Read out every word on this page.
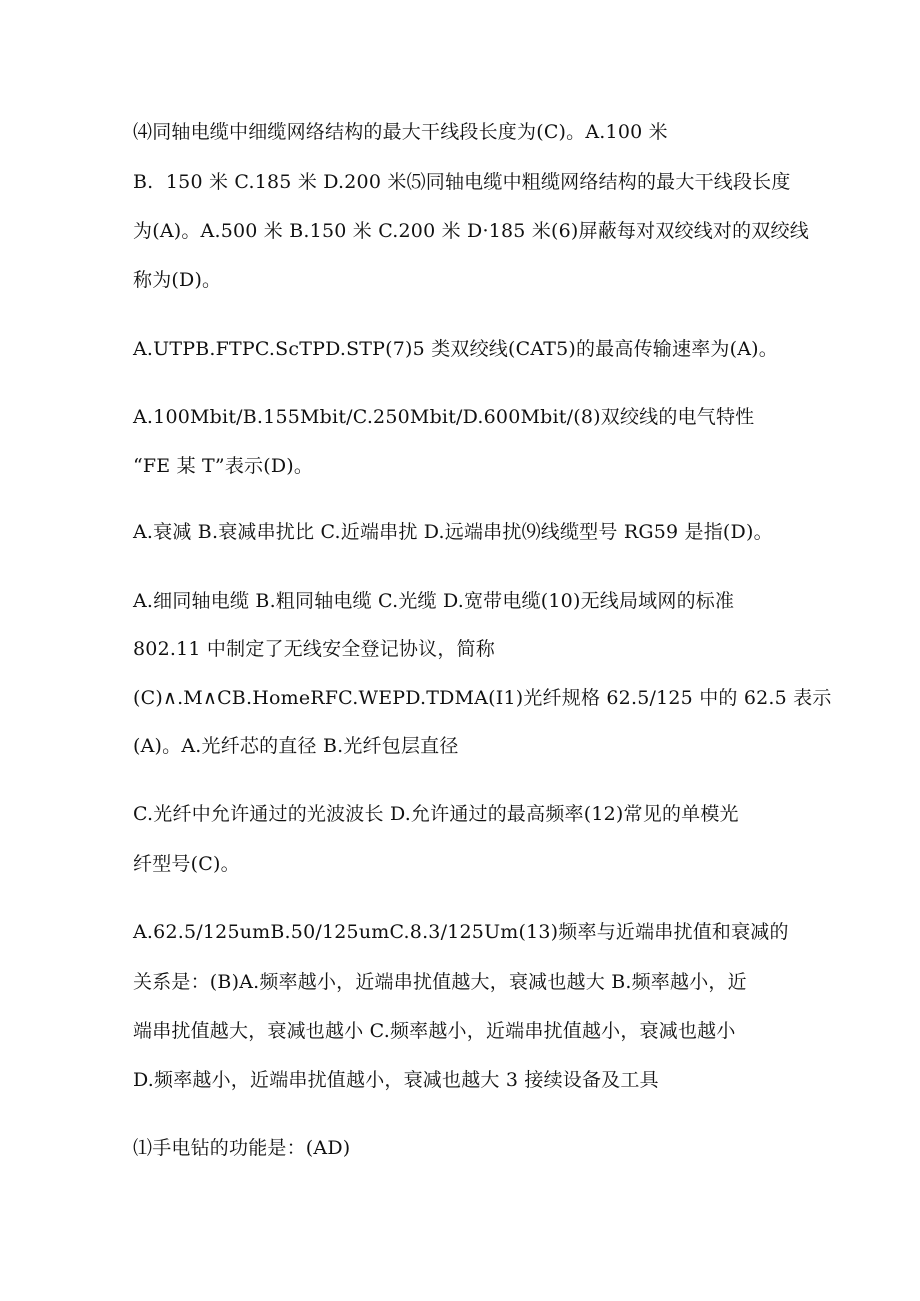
⑷同轴电缆中细缆网络结构的最大干线段长度为(C)。A.100 米
B.  150 米 C.185 米 D.200 米⑸同轴电缆中粗缆网络结构的最大干线段长度
为(A)。A.500 米 B.150 米 C.200 米 D·185 米(6)屏蔽每对双绞线对的双绞线
称为(D)。
A.UTPB.FTPC.ScTPD.STP(7)5 类双绞线(CAT5)的最高传输速率为(A)。
A.100Mbit/B.155Mbit/C.250Mbit/D.600Mbit/(8)双绞线的电气特性
“FE 某 T”表示(D)。
A.衰减 B.衰减串扰比 C.近端串扰 D.远端串扰⑼线缆型号 RG59 是指(D)。
A.细同轴电缆 B.粗同轴电缆 C.光缆 D.宽带电缆(10)无线局域网的标准
802.11 中制定了无线安全登记协议，简称
(C)∧.M∧CB.HomeRFC.WEPD.TDMA(I1)光纤规格 62.5/125 中的 62.5 表示
(A)。A.光纤芯的直径 B.光纤包层直径
C.光纤中允许通过的光波波长 D.允许通过的最高频率(12)常见的单模光
纤型号(C)。
A.62.5/125umB.50/125umC.8.3/125Um(13)频率与近端串扰值和衰减的
关系是：(B)A.频率越小，近端串扰值越大，衰减也越大 B.频率越小，近
端串扰值越大，衰减也越小 C.频率越小，近端串扰值越小，衰减也越小
D.频率越小，近端串扰值越小，衰减也越大 3 接续设备及工具
⑴手电钻的功能是：(AD)
